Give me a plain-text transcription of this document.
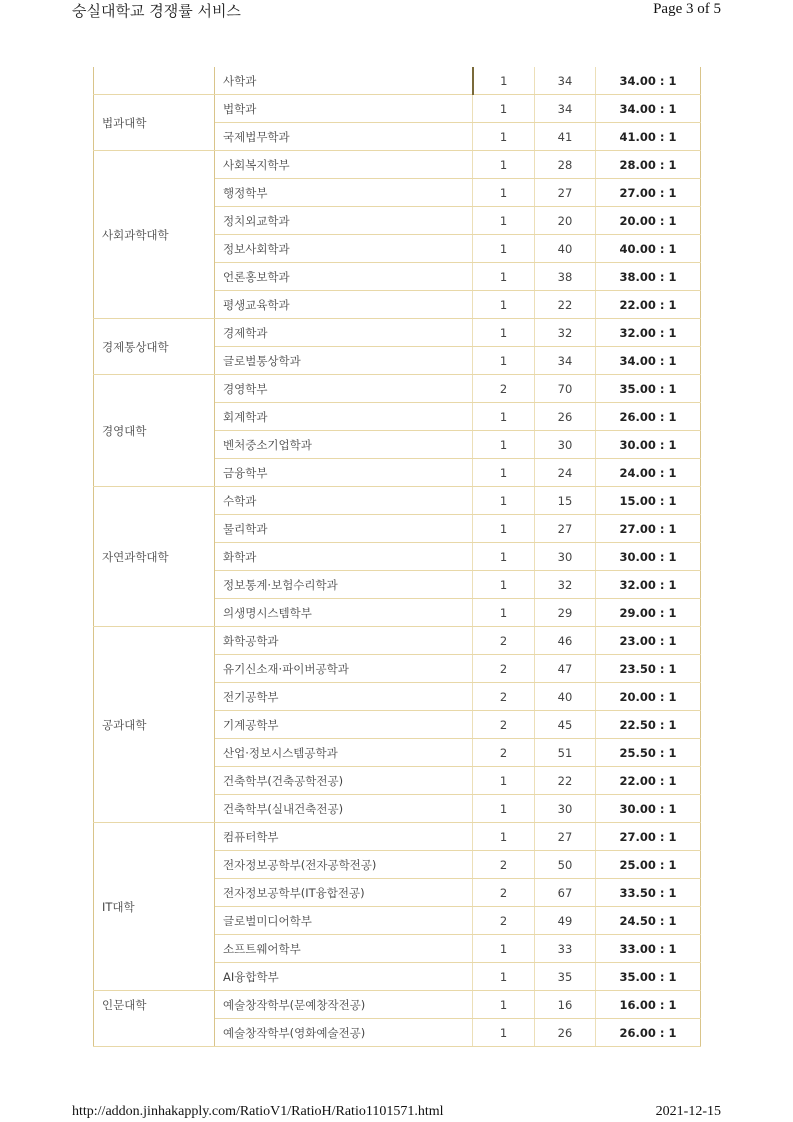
숭실대학교 경쟁률 서비스	Page 3 of 5
	사학과	1	34	34.00 : 1
법과대학	법학과	1	34	34.00 : 1
	국제법무학과	1	41	41.00 : 1
사회과학대학	사회복지학부	1	28	28.00 : 1
	행정학부	1	27	27.00 : 1
	정치외교학과	1	20	20.00 : 1
	정보사회학과	1	40	40.00 : 1
	언론홍보학과	1	38	38.00 : 1
	평생교육학과	1	22	22.00 : 1
경제통상대학	경제학과	1	32	32.00 : 1
	글로벌통상학과	1	34	34.00 : 1
경영대학	경영학부	2	70	35.00 : 1
	회계학과	1	26	26.00 : 1
	벤처중소기업학과	1	30	30.00 : 1
	금융학부	1	24	24.00 : 1
자연과학대학	수학과	1	15	15.00 : 1
	물리학과	1	27	27.00 : 1
	화학과	1	30	30.00 : 1
	정보통계·보험수리학과	1	32	32.00 : 1
	의생명시스템학부	1	29	29.00 : 1
공과대학	화학공학과	2	46	23.00 : 1
	유기신소재·파이버공학과	2	47	23.50 : 1
	전기공학부	2	40	20.00 : 1
	기계공학부	2	45	22.50 : 1
	산업·정보시스템공학과	2	51	25.50 : 1
	건축학부(건축공학전공)	1	22	22.00 : 1
	건축학부(실내건축전공)	1	30	30.00 : 1
IT대학	컴퓨터학부	1	27	27.00 : 1
	전자정보공학부(전자공학전공)	2	50	25.00 : 1
	전자정보공학부(IT융합전공)	2	67	33.50 : 1
	글로벌미디어학부	2	49	24.50 : 1
	소프트웨어학부	1	33	33.00 : 1
	AI융합학부	1	35	35.00 : 1
인문대학	예술창작학부(문예창작전공)	1	16	16.00 : 1
	예술창작학부(영화예술전공)	1	26	26.00 : 1
http://addon.jinhakapply.com/RatioV1/RatioH/Ratio1101571.html	2021-12-15
